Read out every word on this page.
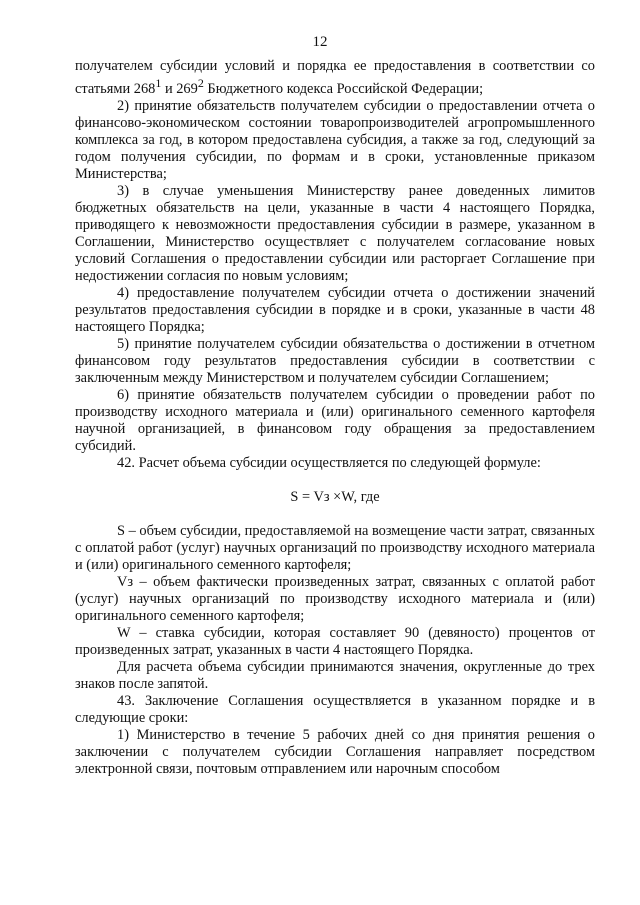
12

получателем субсидии условий и порядка ее предоставления в соответствии со статьями $268^1$ и $269^2$ Бюджетного кодекса Российской Федерации;

2) принятие обязательств получателем субсидии о предоставлении отчета о финансово-экономическом состоянии товаропроизводителей агропромышленного комплекса за год, в котором предоставлена субсидия, а также за год, следующий за годом получения субсидии, по формам и в сроки, установленные приказом Министерства;

3) в случае уменьшения Министерству ранее доведенных лимитов бюджетных обязательств на цели, указанные в части 4 настоящего Порядка, приводящего к невозможности предоставления субсидии в размере, указанном в Соглашении, Министерство осуществляет с получателем согласование новых условий Соглашения о предоставлении субсидии или расторгает Соглашение при недостижении согласия по новым условиям;

4) предоставление получателем субсидии отчета о достижении значений результатов предоставления субсидии в порядке и в сроки, указанные в части 48 настоящего Порядка;

5) принятие получателем субсидии обязательства о достижении в отчетном финансовом году результатов предоставления субсидии в соответствии с заключенным между Министерством и получателем субсидии Соглашением;

6) принятие обязательств получателем субсидии о проведении работ по производству исходного материала и (или) оригинального семенного картофеля научной организацией, в финансовом году обращения за предоставлением субсидий.

42. Расчет объема субсидии осуществляется по следующей формуле:

S = Vз ×W, где

S – объем субсидии, предоставляемой на возмещение части затрат, связанных с оплатой работ (услуг) научных организаций по производству исходного материала и (или) оригинального семенного картофеля;

Vз – объем фактически произведенных затрат, связанных с оплатой работ (услуг) научных организаций по производству исходного материала и (или) оригинального семенного картофеля;

W – ставка субсидии, которая составляет 90 (девяносто) процентов от произведенных затрат, указанных в части 4 настоящего Порядка.

Для расчета объема субсидии принимаются значения, округленные до трех знаков после запятой.

43. Заключение Соглашения осуществляется в указанном порядке и в следующие сроки:

1) Министерство в течение 5 рабочих дней со дня принятия решения о заключении с получателем субсидии Соглашения направляет посредством электронной связи, почтовым отправлением или нарочным способом
